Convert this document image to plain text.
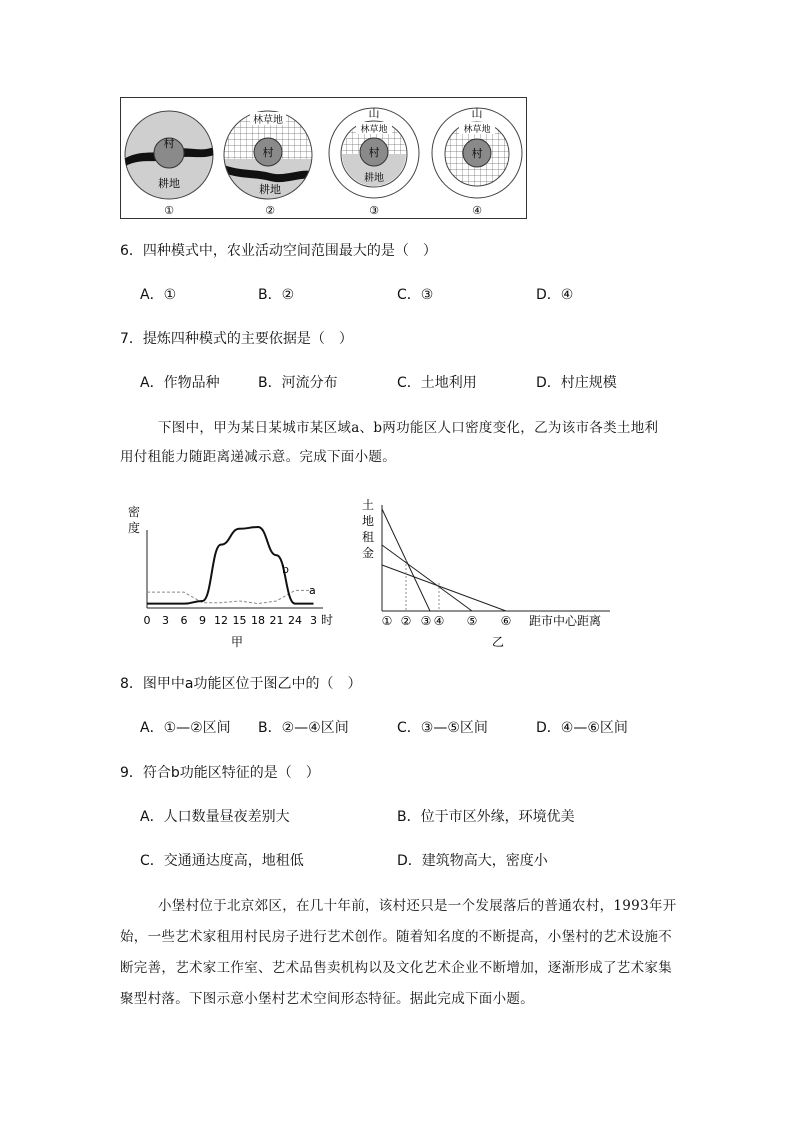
村
耕地
①
林草地
村
耕地
②
山
林草地
村
耕地
③
山
林草地
村
④
6．四种模式中，农业活动空间范围最大的是（　）
A．①	B．②	C．③	D．④
7．提炼四种模式的主要依据是（　）
A．作物品种	B．河流分布	C．土地利用	D．村庄规模
下图中，甲为某日某城市某区域a、b两功能区人口密度变化，乙为该市各类土地利
用付租能力随距离递减示意。完成下面小题。
密
度
0 3 6 9 12 15 18 21 24 3
b
a
时
甲
土
地
租
金
① ② ③ ④ ⑤ ⑥ 距市中心距离
乙
8．图甲中a功能区位于图乙中的（　）
A．①—②区间 B．②—④区间	C．③—⑤区间	D．④—⑥区间
9．符合b功能区特征的是（　）
A．人口数量昼夜差别大	B．位于市区外缘，环境优美
C．交通通达度高，地租低	D．建筑物高大，密度小
小堡村位于北京郊区，在几十年前，该村还只是一个发展落后的普通农村，1993年开
始，一些艺术家租用村民房子进行艺术创作。随着知名度的不断提高，小堡村的艺术设施不
断完善，艺术家工作室、艺术品售卖机构以及文化艺术企业不断增加，逐渐形成了艺术家集
聚型村落。下图示意小堡村艺术空间形态特征。据此完成下面小题。
